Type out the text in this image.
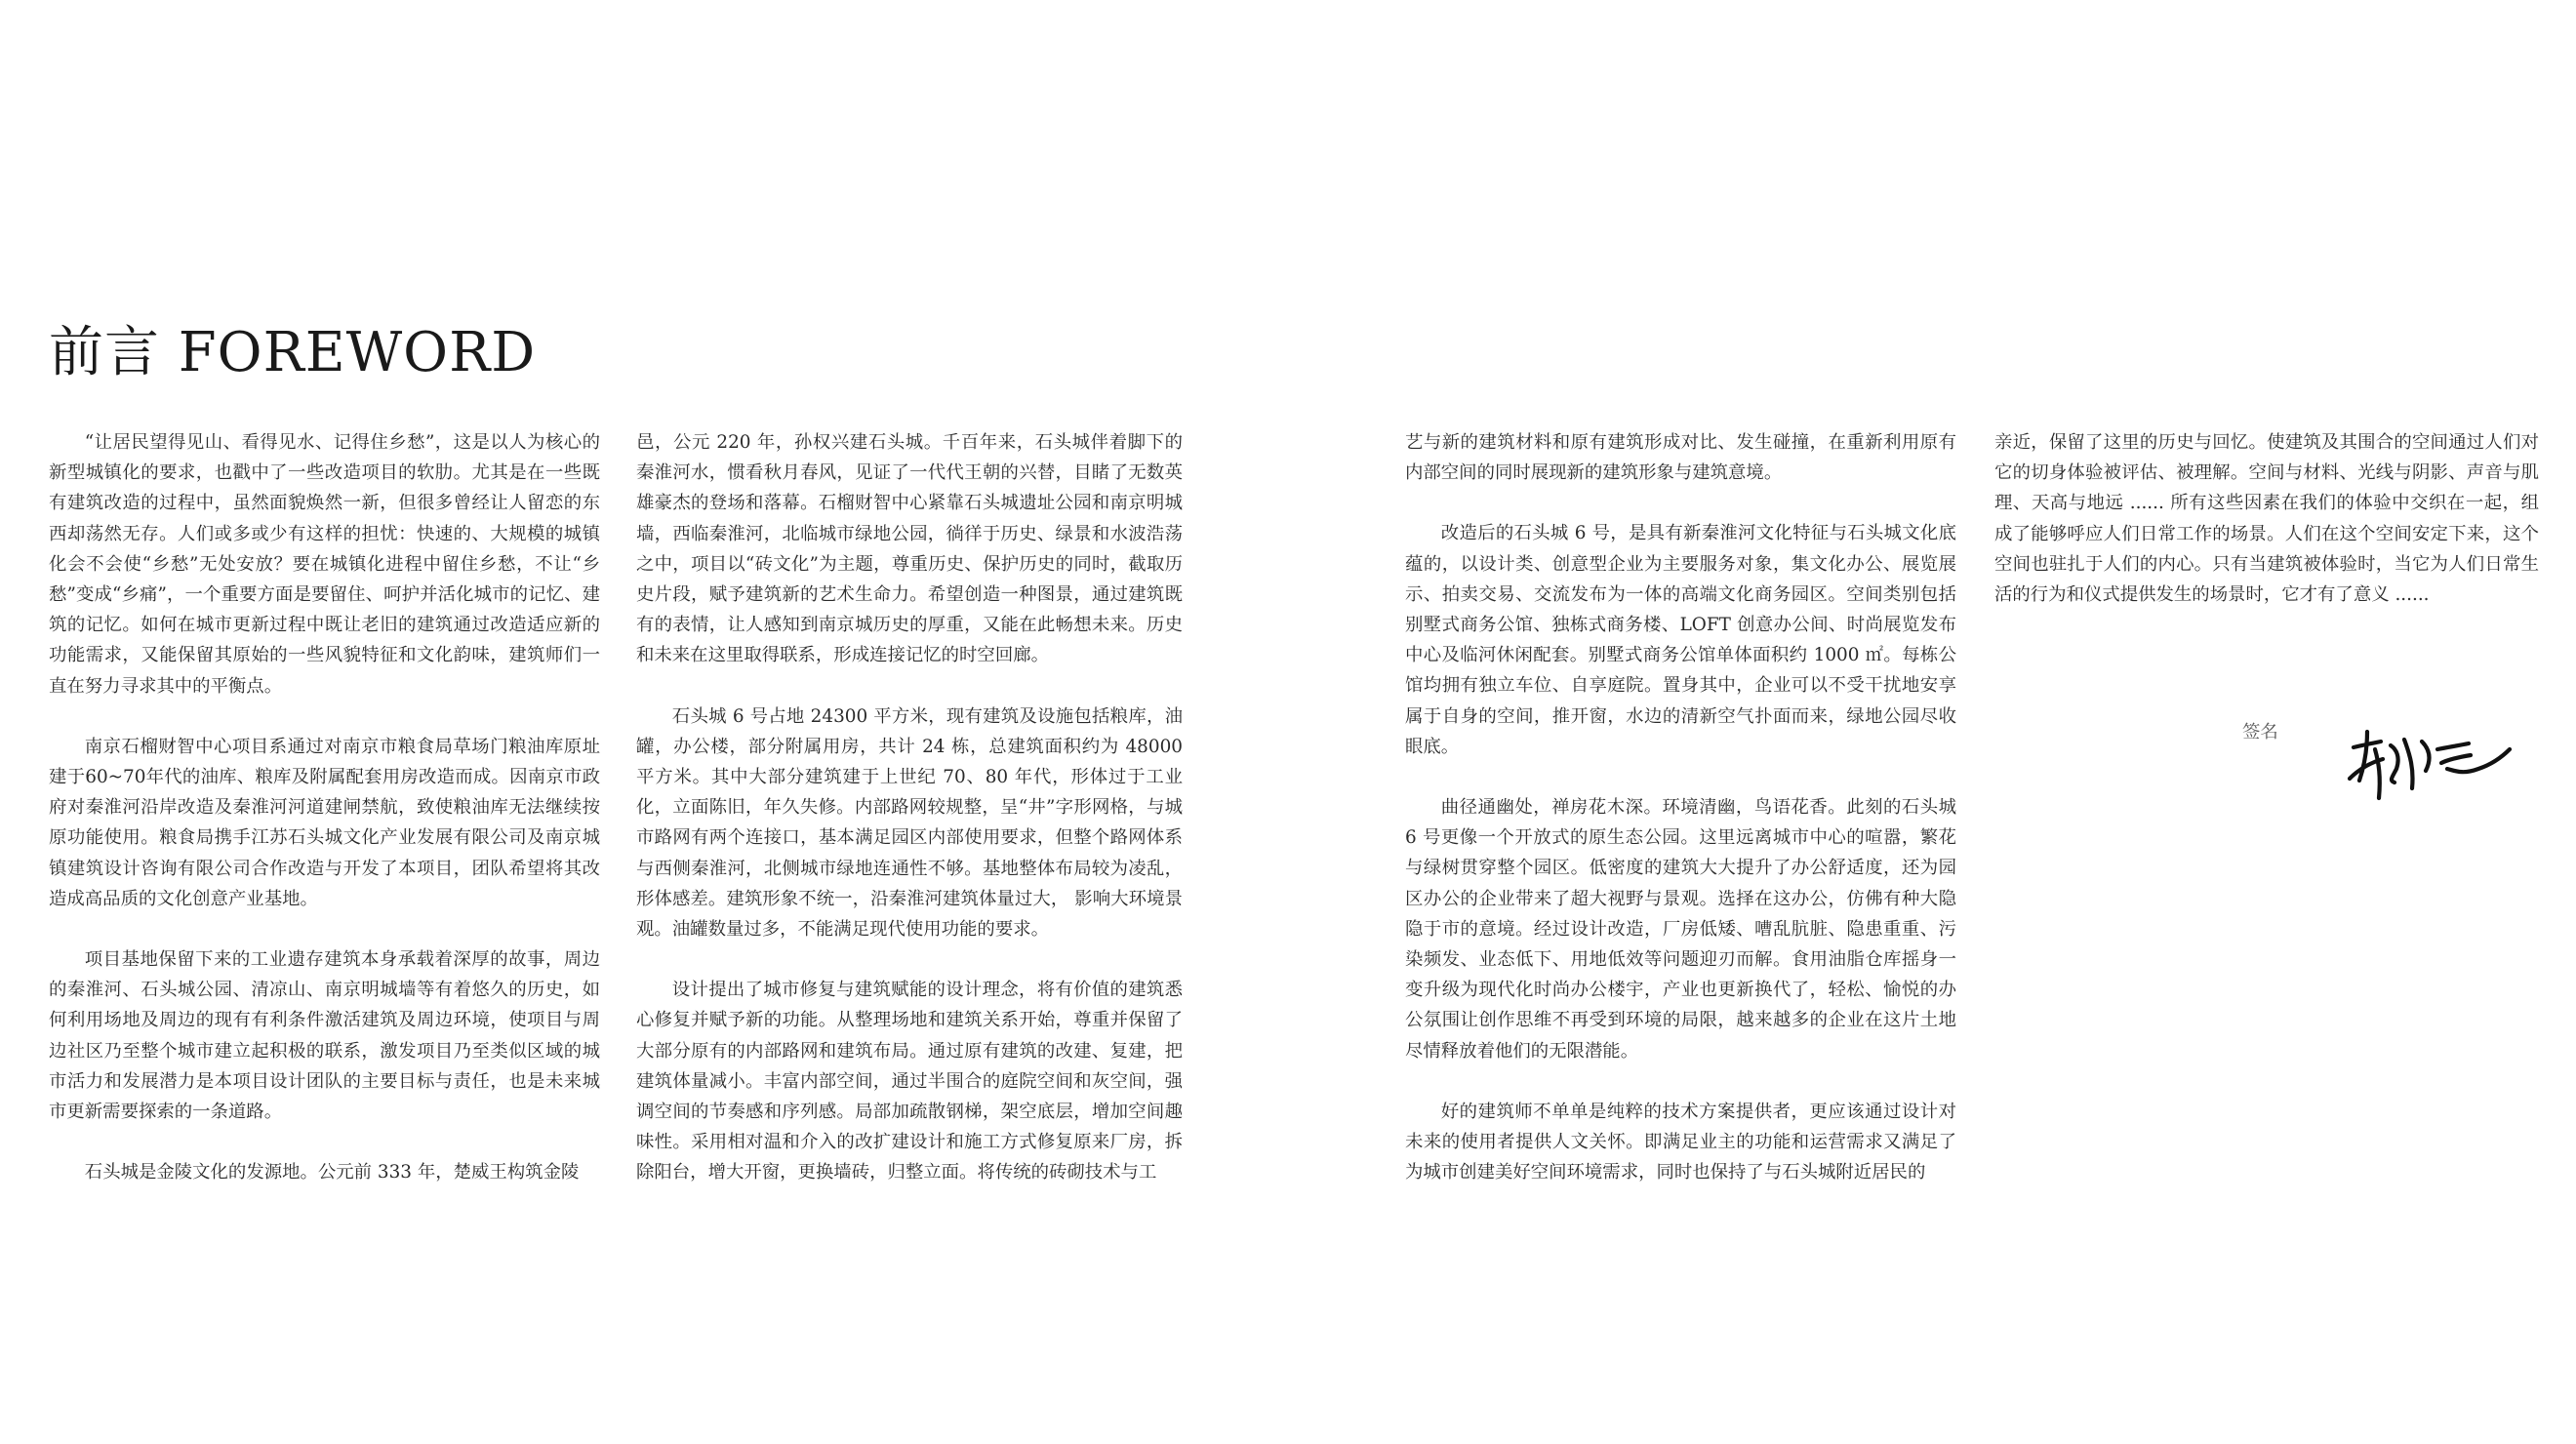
前言 FOREWORD

“让居民望得见山、看得见水、记得住乡愁”，这是以人为核心的新型城镇化的要求，也戳中了一些改造项目的软肋。尤其是在一些既有建筑改造的过程中，虽然面貌焕然一新，但很多曾经让人留恋的东西却荡然无存。人们或多或少有这样的担忧：快速的、大规模的城镇化会不会使“乡愁”无处安放？要在城镇化进程中留住乡愁，不让“乡愁”变成“乡痛”，一个重要方面是要留住、呵护并活化城市的记忆、建筑的记忆。如何在城市更新过程中既让老旧的建筑通过改造适应新的功能需求，又能保留其原始的一些风貌特征和文化韵味，建筑师们一直在努力寻求其中的平衡点。

南京石榴财智中心项目系通过对南京市粮食局草场门粮油库原址建于60~70年代的油库、粮库及附属配套用房改造而成。因南京市政府对秦淮河沿岸改造及秦淮河河道建闸禁航，致使粮油库无法继续按原功能使用。粮食局携手江苏石头城文化产业发展有限公司及南京城镇建筑设计咨询有限公司合作改造与开发了本项目，团队希望将其改造成高品质的文化创意产业基地。

项目基地保留下来的工业遗存建筑本身承载着深厚的故事，周边的秦淮河、石头城公园、清凉山、南京明城墙等有着悠久的历史，如何利用场地及周边的现有有利条件激活建筑及周边环境，使项目与周边社区乃至整个城市建立起积极的联系，激发项目乃至类似区域的城市活力和发展潜力是本项目设计团队的主要目标与责任，也是未来城市更新需要探索的一条道路。

石头城是金陵文化的发源地。公元前 333 年，楚威王构筑金陵

邑，公元 220 年，孙权兴建石头城。千百年来，石头城伴着脚下的秦淮河水，惯看秋月春风，见证了一代代王朝的兴替，目睹了无数英雄豪杰的登场和落幕。石榴财智中心紧靠石头城遗址公园和南京明城墙，西临秦淮河，北临城市绿地公园，徜徉于历史、绿景和水波浩荡之中，项目以“砖文化”为主题，尊重历史、保护历史的同时，截取历史片段，赋予建筑新的艺术生命力。希望创造一种图景，通过建筑既有的表情，让人感知到南京城历史的厚重，又能在此畅想未来。历史和未来在这里取得联系，形成连接记忆的时空回廊。

石头城 6 号占地 24300 平方米，现有建筑及设施包括粮库，油罐，办公楼，部分附属用房，共计 24 栋，总建筑面积约为 48000 平方米。其中大部分建筑建于上世纪 70、80 年代，形体过于工业化，立面陈旧，年久失修。内部路网较规整，呈“井”字形网格，与城市路网有两个连接口，基本满足园区内部使用要求，但整个路网体系与西侧秦淮河，北侧城市绿地连通性不够。基地整体布局较为凌乱，形体感差。建筑形象不统一，沿秦淮河建筑体量过大， 影响大环境景观。油罐数量过多，不能满足现代使用功能的要求。

设计提出了城市修复与建筑赋能的设计理念，将有价值的建筑悉心修复并赋予新的功能。从整理场地和建筑关系开始，尊重并保留了大部分原有的内部路网和建筑布局。通过原有建筑的改建、复建，把建筑体量减小。丰富内部空间，通过半围合的庭院空间和灰空间，强调空间的节奏感和序列感。局部加疏散钢梯，架空底层，增加空间趣味性。采用相对温和介入的改扩建设计和施工方式修复原来厂房，拆除阳台，增大开窗，更换墙砖，归整立面。将传统的砖砌技术与工

艺与新的建筑材料和原有建筑形成对比、发生碰撞，在重新利用原有内部空间的同时展现新的建筑形象与建筑意境。

改造后的石头城 6 号，是具有新秦淮河文化特征与石头城文化底蕴的，以设计类、创意型企业为主要服务对象，集文化办公、展览展示、拍卖交易、交流发布为一体的高端文化商务园区。空间类别包括别墅式商务公馆、独栋式商务楼、LOFT 创意办公间、时尚展览发布中心及临河休闲配套。别墅式商务公馆单体面积约 1000 ㎡。每栋公馆均拥有独立车位、自享庭院。置身其中，企业可以不受干扰地安享属于自身的空间，推开窗，水边的清新空气扑面而来，绿地公园尽收眼底。

曲径通幽处，禅房花木深。环境清幽，鸟语花香。此刻的石头城 6 号更像一个开放式的原生态公园。这里远离城市中心的喧嚣，繁花与绿树贯穿整个园区。低密度的建筑大大提升了办公舒适度，还为园区办公的企业带来了超大视野与景观。选择在这办公，仿佛有种大隐隐于市的意境。经过设计改造，厂房低矮、嘈乱肮脏、隐患重重、污染频发、业态低下、用地低效等问题迎刃而解。食用油脂仓库摇身一变升级为现代化时尚办公楼宇，产业也更新换代了，轻松、愉悦的办公氛围让创作思维不再受到环境的局限，越来越多的企业在这片土地尽情释放着他们的无限潜能。

好的建筑师不单单是纯粹的技术方案提供者，更应该通过设计对未来的使用者提供人文关怀。即满足业主的功能和运营需求又满足了为城市创建美好空间环境需求，同时也保持了与石头城附近居民的

亲近，保留了这里的历史与回忆。使建筑及其围合的空间通过人们对它的切身体验被评估、被理解。空间与材料、光线与阴影、声音与肌理、天高与地远 ...... 所有这些因素在我们的体验中交织在一起，组成了能够呼应人们日常工作的场景。人们在这个空间安定下来，这个空间也驻扎于人们的内心。只有当建筑被体验时，当它为人们日常生活的行为和仪式提供发生的场景时，它才有了意义 ......

签名
